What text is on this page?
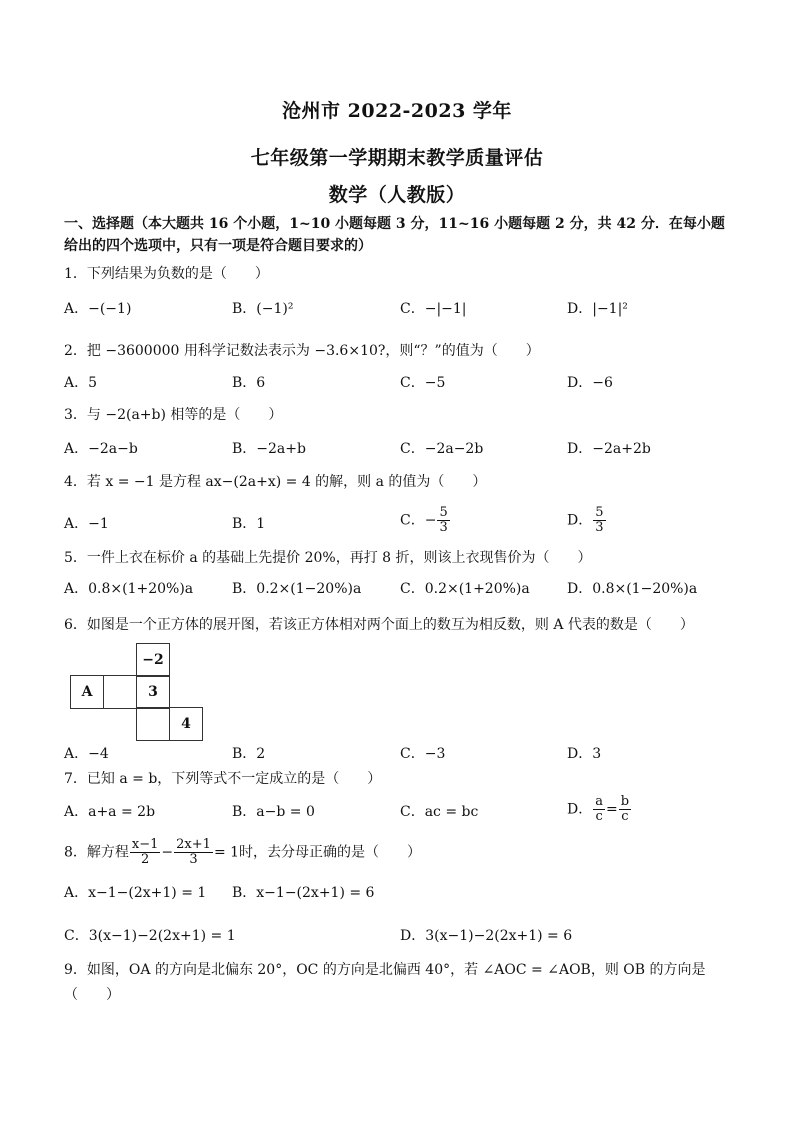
沧州市 2022-2023 学年
七年级第一学期期末教学质量评估
数学（人教版）
一、选择题（本大题共 16 个小题，1~10 小题每题 3 分，11~16 小题每题 2 分，共 42 分．在每小题给出的四个选项中，只有一项是符合题目要求的）
1．下列结果为负数的是（　　）
A．−(−1)	B．(−1)²	C．−|−1|	D．|−1|²
2．把 −3600000 用科学记数法表示为 −3.6×10?，则“？”的值为（　　）
A．5	B．6	C．−5	D．−6
3．与 −2(a+b) 相等的是（　　）
A．−2a−b	B．−2a+b	C．−2a−2b	D．−2a+2b
4．若 x = −1 是方程 ax−(2a+x) = 4 的解，则 a 的值为（　　）
A．−1	B．1	C．− $\frac{5}{3}$	D． $\frac{5}{3}$
5．一件上衣在标价 a 的基础上先提价 20%，再打 8 折，则该上衣现售价为（　　）
A．0.8×(1+20%)a	B．0.2×(1−20%)a	C．0.2×(1+20%)a	D．0.8×(1−20%)a
6．如图是一个正方体的展开图，若该正方体相对两个面上的数互为相反数，则 A 代表的数是（　　）
−2
A	3
4
A．−4	B．2	C．−3	D．3
7．已知 a = b，下列等式不一定成立的是（　　）
A．a+a = 2b	B．a−b = 0	C．ac = bc	D． $\frac{a}{c} = \frac{b}{c}$
8．解方程 $\frac{x-1}{2} - \frac{2x+1}{3} = 1$时，去分母正确的是（　　）
A．x−1−(2x+1) = 1 B．x−1−(2x+1) = 6
C．3(x−1)−2(2x+1) = 1	D．3(x−1)−2(2x+1) = 6
9．如图，OA 的方向是北偏东 20°，OC 的方向是北偏西 40°，若 ∠AOC = ∠AOB，则 OB 的方向是
（　　）
